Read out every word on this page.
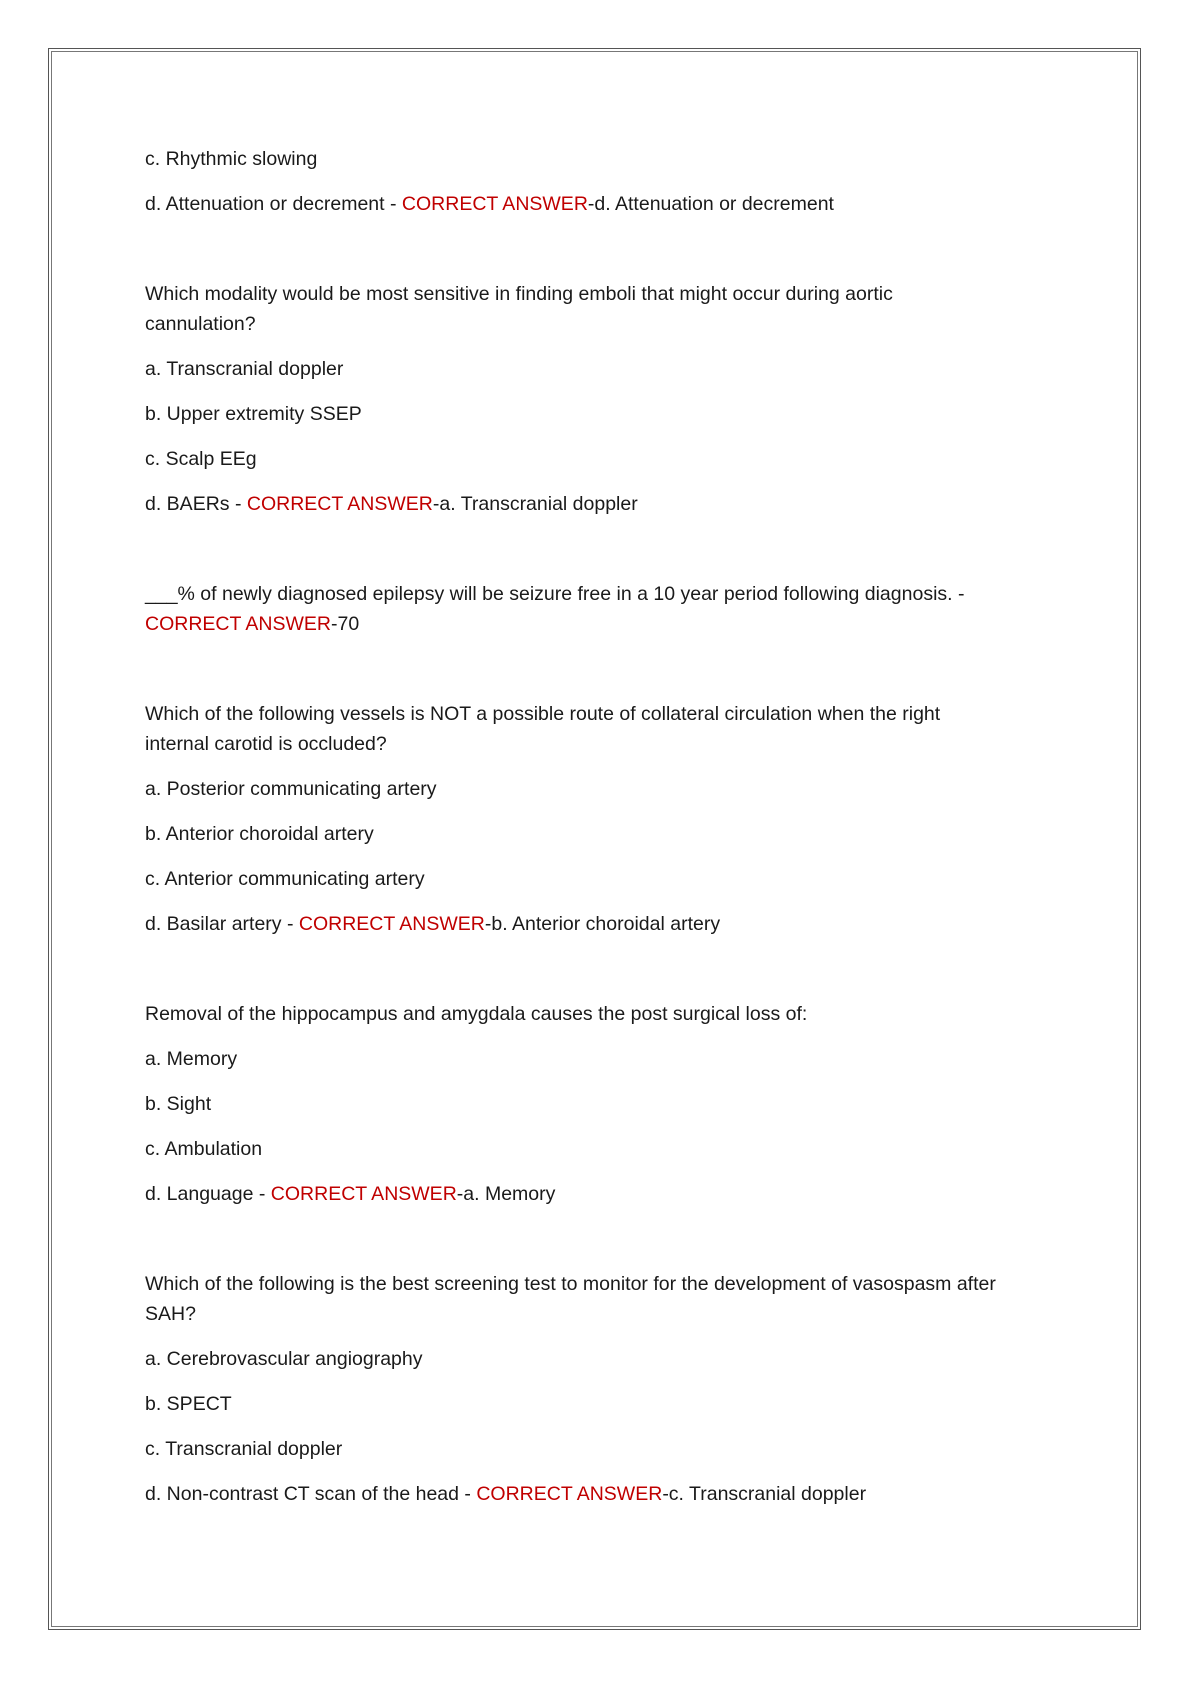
c. Rhythmic slowing

d. Attenuation or decrement - CORRECT ANSWER-d. Attenuation or decrement

Which modality would be most sensitive in finding emboli that might occur during aortic cannulation?

a. Transcranial doppler

b. Upper extremity SSEP

c. Scalp EEg

d. BAERs - CORRECT ANSWER-a. Transcranial doppler

___% of newly diagnosed epilepsy will be seizure free in a 10 year period following diagnosis. - CORRECT ANSWER-70

Which of the following vessels is NOT a possible route of collateral circulation when the right internal carotid is occluded?

a. Posterior communicating artery

b. Anterior choroidal artery

c. Anterior communicating artery

d. Basilar artery - CORRECT ANSWER-b. Anterior choroidal artery

Removal of the hippocampus and amygdala causes the post surgical loss of:

a. Memory

b. Sight

c. Ambulation

d. Language - CORRECT ANSWER-a. Memory

Which of the following is the best screening test to monitor for the development of vasospasm after SAH?

a. Cerebrovascular angiography

b. SPECT

c. Transcranial doppler

d. Non-contrast CT scan of the head - CORRECT ANSWER-c. Transcranial doppler
